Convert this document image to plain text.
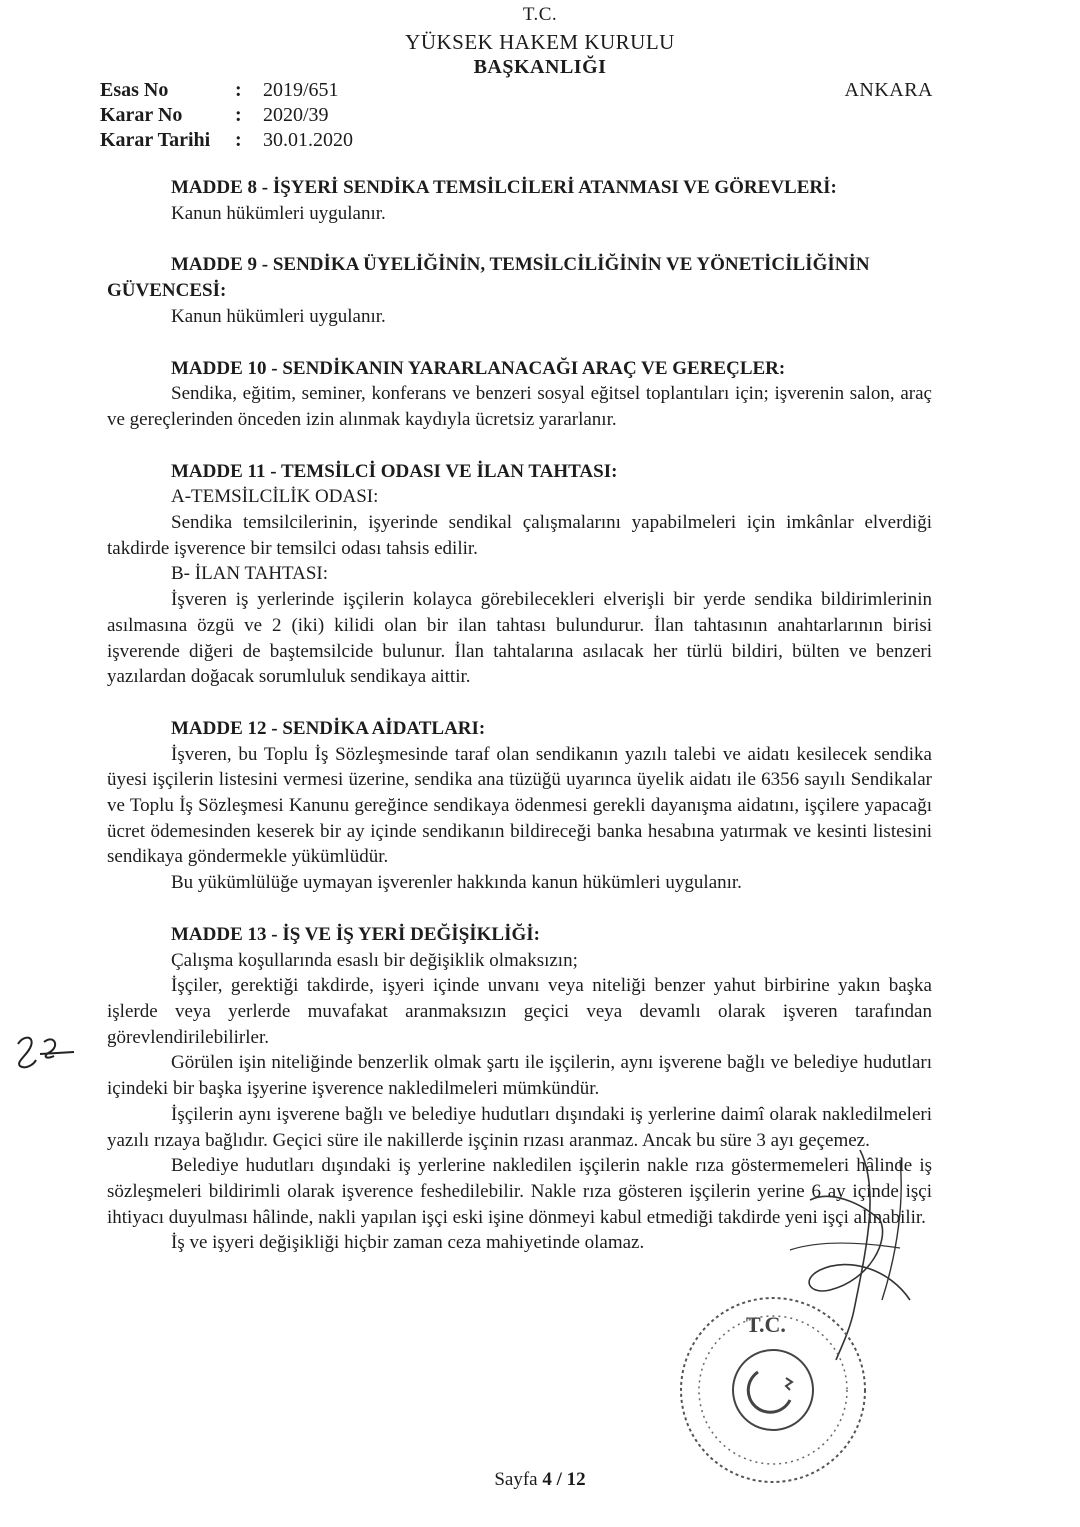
T.C.
YÜKSEK HAKEM KURULU
BAŞKANLIĞI
Esas No	:	2019/651
Karar No	:	2020/39
Karar Tarihi	:	30.01.2020
ANKARA

MADDE 8 - İŞYERİ SENDİKA TEMSİLCİLERİ ATANMASI VE GÖREVLERİ:

Kanun hükümleri uygulanır.

MADDE 9 - SENDİKA ÜYELİĞİNİN, TEMSİLCİLİĞİNİN VE YÖNETİCİLİĞİNİN GÜVENCESİ:

Kanun hükümleri uygulanır.

MADDE 10 - SENDİKANIN YARARLANACAĞI ARAÇ VE GEREÇLER:

Sendika, eğitim, seminer, konferans ve benzeri sosyal eğitsel toplantıları için; işverenin salon, araç ve gereçlerinden önceden izin alınmak kaydıyla ücretsiz yararlanır.

MADDE 11 - TEMSİLCİ ODASI VE İLAN TAHTASI:

A-TEMSİLCİLİK ODASI:

Sendika temsilcilerinin, işyerinde sendikal çalışmalarını yapabilmeleri için imkânlar elverdiği takdirde işverence bir temsilci odası tahsis edilir.

B- İLAN TAHTASI:

İşveren iş yerlerinde işçilerin kolayca görebilecekleri elverişli bir yerde sendika bildirimlerinin asılmasına özgü ve 2 (iki) kilidi olan bir ilan tahtası bulundurur. İlan tahtasının anahtarlarının birisi işverende diğeri de baştemsilcide bulunur. İlan tahtalarına asılacak her türlü bildiri, bülten ve benzeri yazılardan doğacak sorumluluk sendikaya aittir.

MADDE 12 - SENDİKA AİDATLARI:

İşveren, bu Toplu İş Sözleşmesinde taraf olan sendikanın yazılı talebi ve aidatı kesilecek sendika üyesi işçilerin listesini vermesi üzerine, sendika ana tüzüğü uyarınca üyelik aidatı ile 6356 sayılı Sendikalar ve Toplu İş Sözleşmesi Kanunu gereğince sendikaya ödenmesi gerekli dayanışma aidatını, işçilere yapacağı ücret ödemesinden keserek bir ay içinde sendikanın bildireceği banka hesabına yatırmak ve kesinti listesini sendikaya göndermekle yükümlüdür.

Bu yükümlülüğe uymayan işverenler hakkında kanun hükümleri uygulanır.

MADDE 13 - İŞ VE İŞ YERİ DEĞİŞİKLİĞİ:

Çalışma koşullarında esaslı bir değişiklik olmaksızın;

İşçiler, gerektiği takdirde, işyeri içinde unvanı veya niteliği benzer yahut birbirine yakın başka işlerde veya yerlerde muvafakat aranmaksızın geçici veya devamlı olarak işveren tarafından görevlendirilebilirler.

Görülen işin niteliğinde benzerlik olmak şartı ile işçilerin, aynı işverene bağlı ve belediye hudutları içindeki bir başka işyerine işverence nakledilmeleri mümkündür.

İşçilerin aynı işverene bağlı ve belediye hudutları dışındaki iş yerlerine daimî olarak nakledilmeleri yazılı rızaya bağlıdır. Geçici süre ile nakillerde işçinin rızası aranmaz. Ancak bu süre 3 ayı geçemez.

Belediye hudutları dışındaki iş yerlerine nakledilen işçilerin nakle rıza göstermemeleri hâlinde iş sözleşmeleri bildirimli olarak işverence feshedilebilir. Nakle rıza gösteren işçilerin yerine 6 ay içinde işçi ihtiyacı duyulması hâlinde, nakli yapılan işçi eski işine dönmeyi kabul etmediği takdirde yeni işçi alınabilir.

İş ve işyeri değişikliği hiçbir zaman ceza mahiyetinde olamaz.

T.C.
Sayfa 4 / 12
